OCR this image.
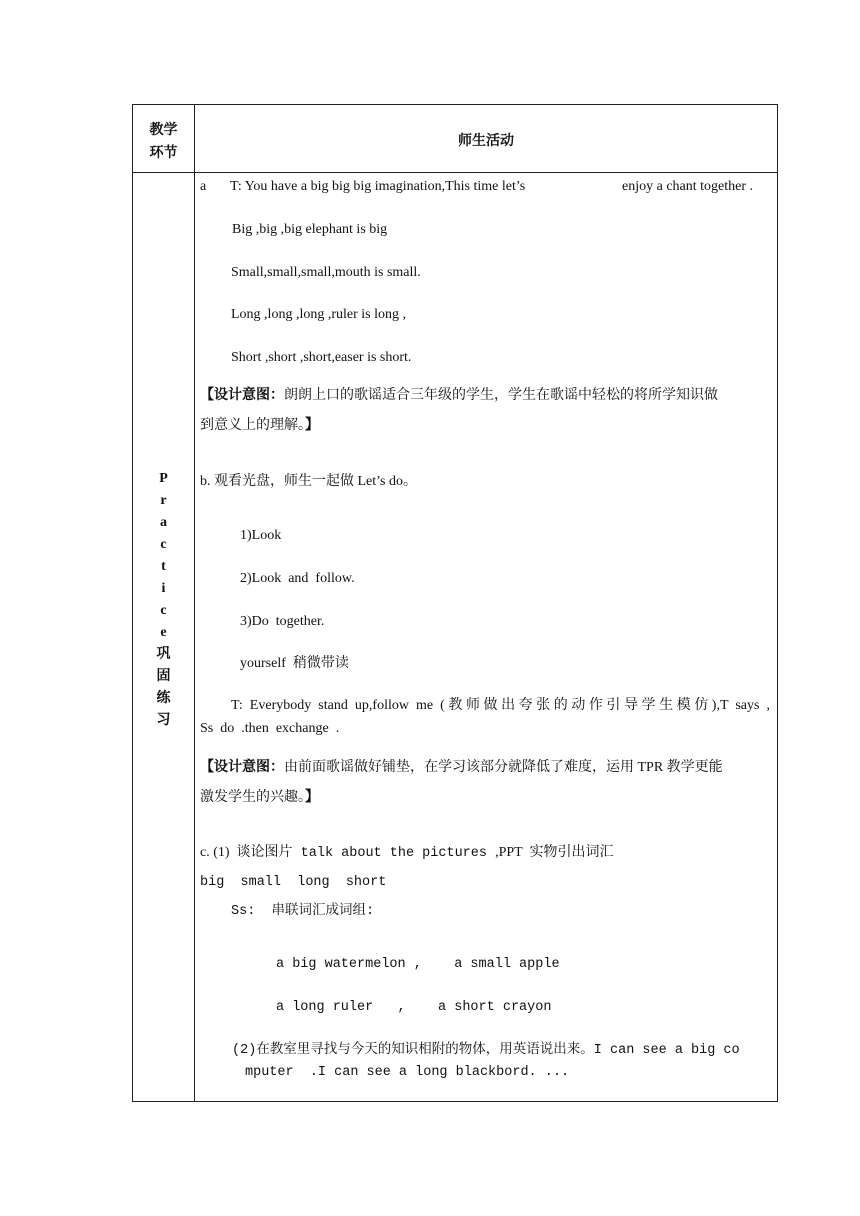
教学
环节
师生活动
P
r
a
c
t
i
c
e
巩
固
练
习
a T: You have a big big big imagination,This time let’s	enjoy a chant together .
Big ,big ,big elephant is big
Small,small,small,mouth is small.
Long ,long ,long ,ruler is long ,
Short ,short ,short,easer is short.
【设计意图：朗朗上口的歌谣适合三年级的学生，学生在歌谣中轻松的将所学知识做
到意义上的理解。】
b. 观看光盘，师生一起做 Let’s do。
1)Look
2)Look  and  follow.
3)Do  together.
yourself  稍微带读
T: Everybody stand up,follow me (教师做出夸张的动作引导学生模仿),T says ,
Ss  do  .then  exchange  .
【设计意图：由前面歌谣做好铺垫，在学习该部分就降低了难度，运用 TPR 教学更能
激发学生的兴趣。】
c. (1)  谈论图片 talk about the pictures ,PPT  实物引出词汇
big  small  long  short
Ss:  串联词汇成词组:
a big watermelon ,    a small apple
a long ruler   ,    a short crayon
(2)在教室里寻找与今天的知识相附的物体，用英语说出来。I can see a big co
mputer  .I can see a long blackbord. ...
